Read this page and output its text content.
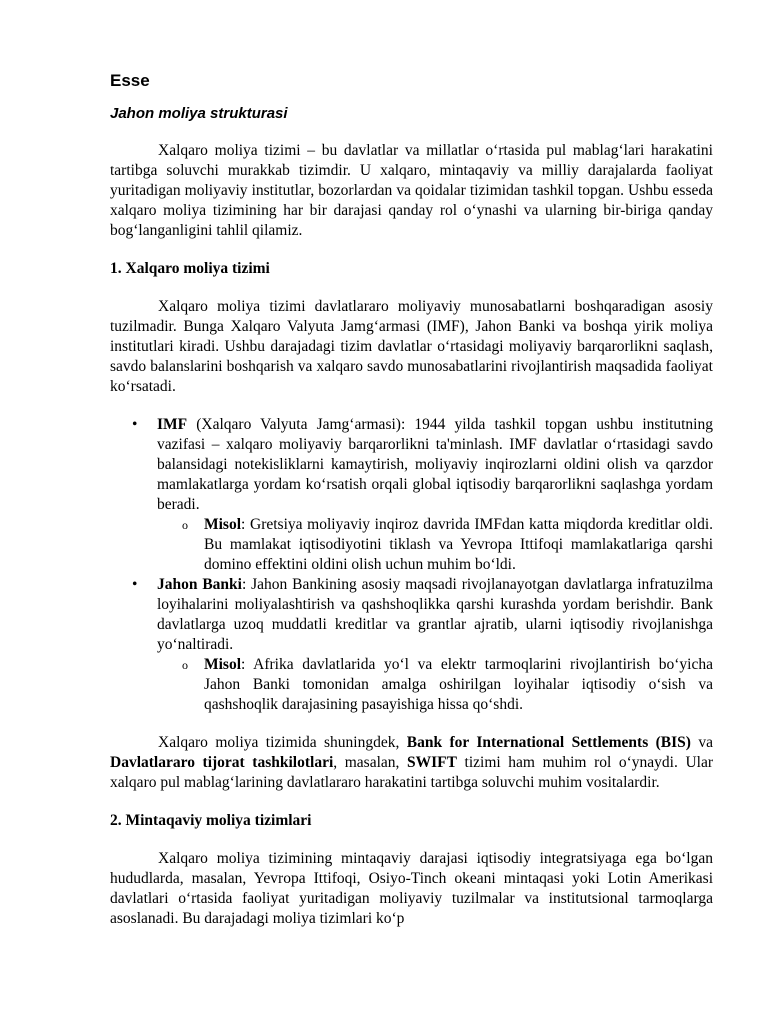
Esse
Jahon moliya strukturasi

Xalqaro moliya tizimi – bu davlatlar va millatlar o‘rtasida pul mablag‘lari harakatini tartibga soluvchi murakkab tizimdir. U xalqaro, mintaqaviy va milliy darajalarda faoliyat yuritadigan moliyaviy institutlar, bozorlardan va qoidalar tizimidan tashkil topgan. Ushbu esseda xalqaro moliya tizimining har bir darajasi qanday rol o‘ynashi va ularning bir-biriga qanday bog‘langanligini tahlil qilamiz.

1. Xalqaro moliya tizimi

Xalqaro moliya tizimi davlatlararo moliyaviy munosabatlarni boshqaradigan asosiy tuzilmadir. Bunga Xalqaro Valyuta Jamg‘armasi (IMF), Jahon Banki va boshqa yirik moliya institutlari kiradi. Ushbu darajadagi tizim davlatlar o‘rtasidagi moliyaviy barqarorlikni saqlash, savdo balanslarini boshqarish va xalqaro savdo munosabatlarini rivojlantirish maqsadida faoliyat ko‘rsatadi.

• IMF (Xalqaro Valyuta Jamg‘armasi): 1944 yilda tashkil topgan ushbu institutning vazifasi – xalqaro moliyaviy barqarorlikni ta'minlash. IMF davlatlar o‘rtasidagi savdo balansidagi notekisliklarni kamaytirish, moliyaviy inqirozlarni oldini olish va qarzdor mamlakatlarga yordam ko‘rsatish orqali global iqtisodiy barqarorlikni saqlashga yordam beradi.
o Misol: Gretsiya moliyaviy inqiroz davrida IMFdan katta miqdorda kreditlar oldi. Bu mamlakat iqtisodiyotini tiklash va Yevropa Ittifoqi mamlakatlariga qarshi domino effektini oldini olish uchun muhim bo‘ldi.
• Jahon Banki: Jahon Bankining asosiy maqsadi rivojlanayotgan davlatlarga infratuzilma loyihalarini moliyalashtirish va qashshoqlikka qarshi kurashda yordam berishdir. Bank davlatlarga uzoq muddatli kreditlar va grantlar ajratib, ularni iqtisodiy rivojlanishga yo‘naltiradi.
o Misol: Afrika davlatlarida yo‘l va elektr tarmoqlarini rivojlantirish bo‘yicha Jahon Banki tomonidan amalga oshirilgan loyihalar iqtisodiy o‘sish va qashshoqlik darajasining pasayishiga hissa qo‘shdi.

Xalqaro moliya tizimida shuningdek, Bank for International Settlements (BIS) va Davlatlararo tijorat tashkilotlari, masalan, SWIFT tizimi ham muhim rol o‘ynaydi. Ular xalqaro pul mablag‘larining davlatlararo harakatini tartibga soluvchi muhim vositalardir.

2. Mintaqaviy moliya tizimlari

Xalqaro moliya tizimining mintaqaviy darajasi iqtisodiy integratsiyaga ega bo‘lgan hududlarda, masalan, Yevropa Ittifoqi, Osiyo-Tinch okeani mintaqasi yoki Lotin Amerikasi davlatlari o‘rtasida faoliyat yuritadigan moliyaviy tuzilmalar va institutsional tarmoqlarga asoslanadi. Bu darajadagi moliya tizimlari ko‘p
